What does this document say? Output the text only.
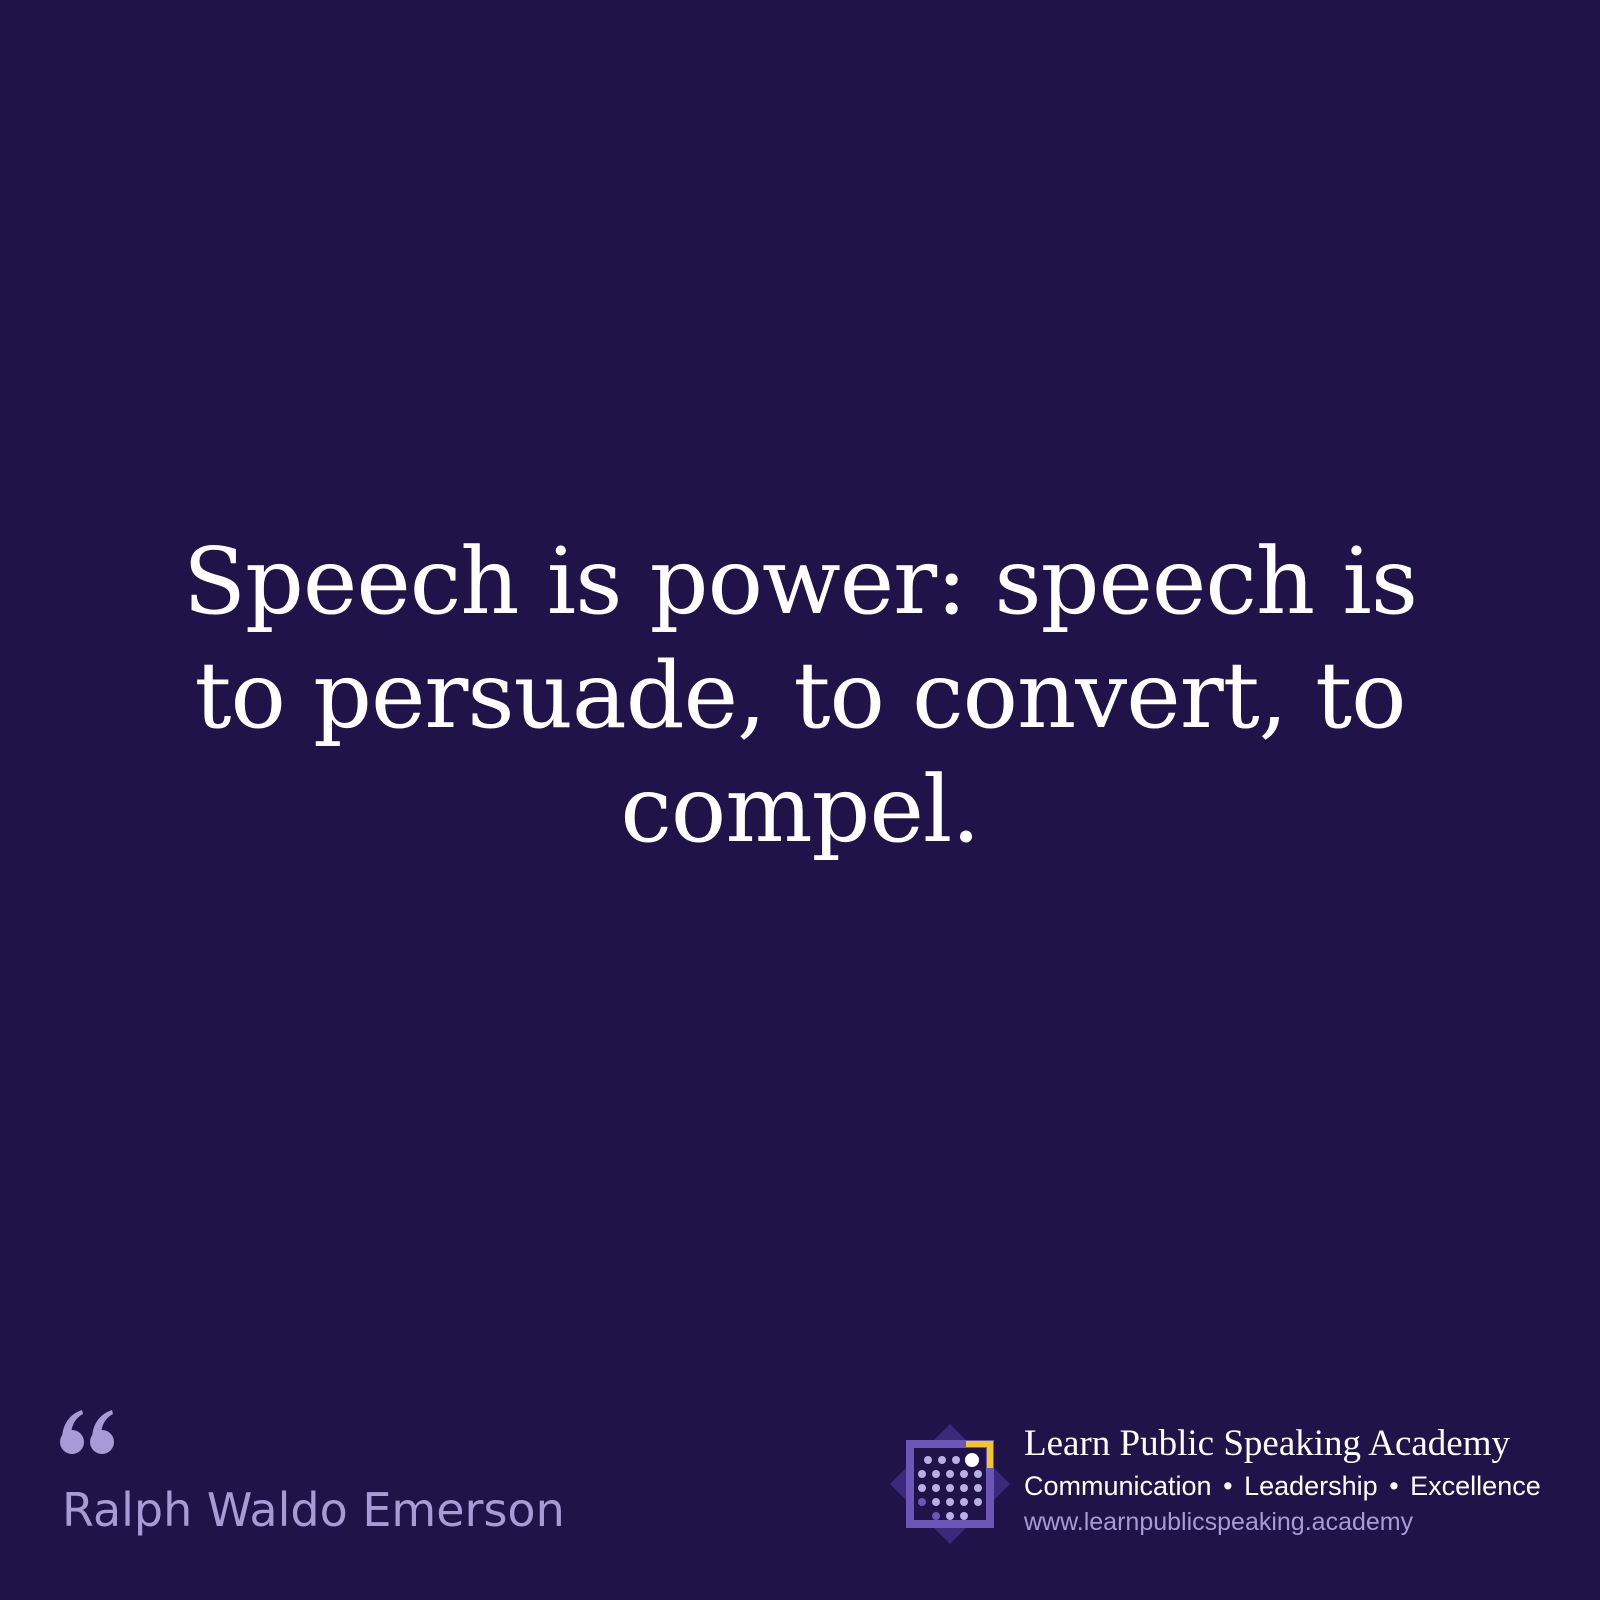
Speech is power: speech is to persuade, to convert, to compel.

Ralph Waldo Emerson
Learn Public Speaking Academy
Communication • Leadership • Excellence
www.learnpublicspeaking.academy
